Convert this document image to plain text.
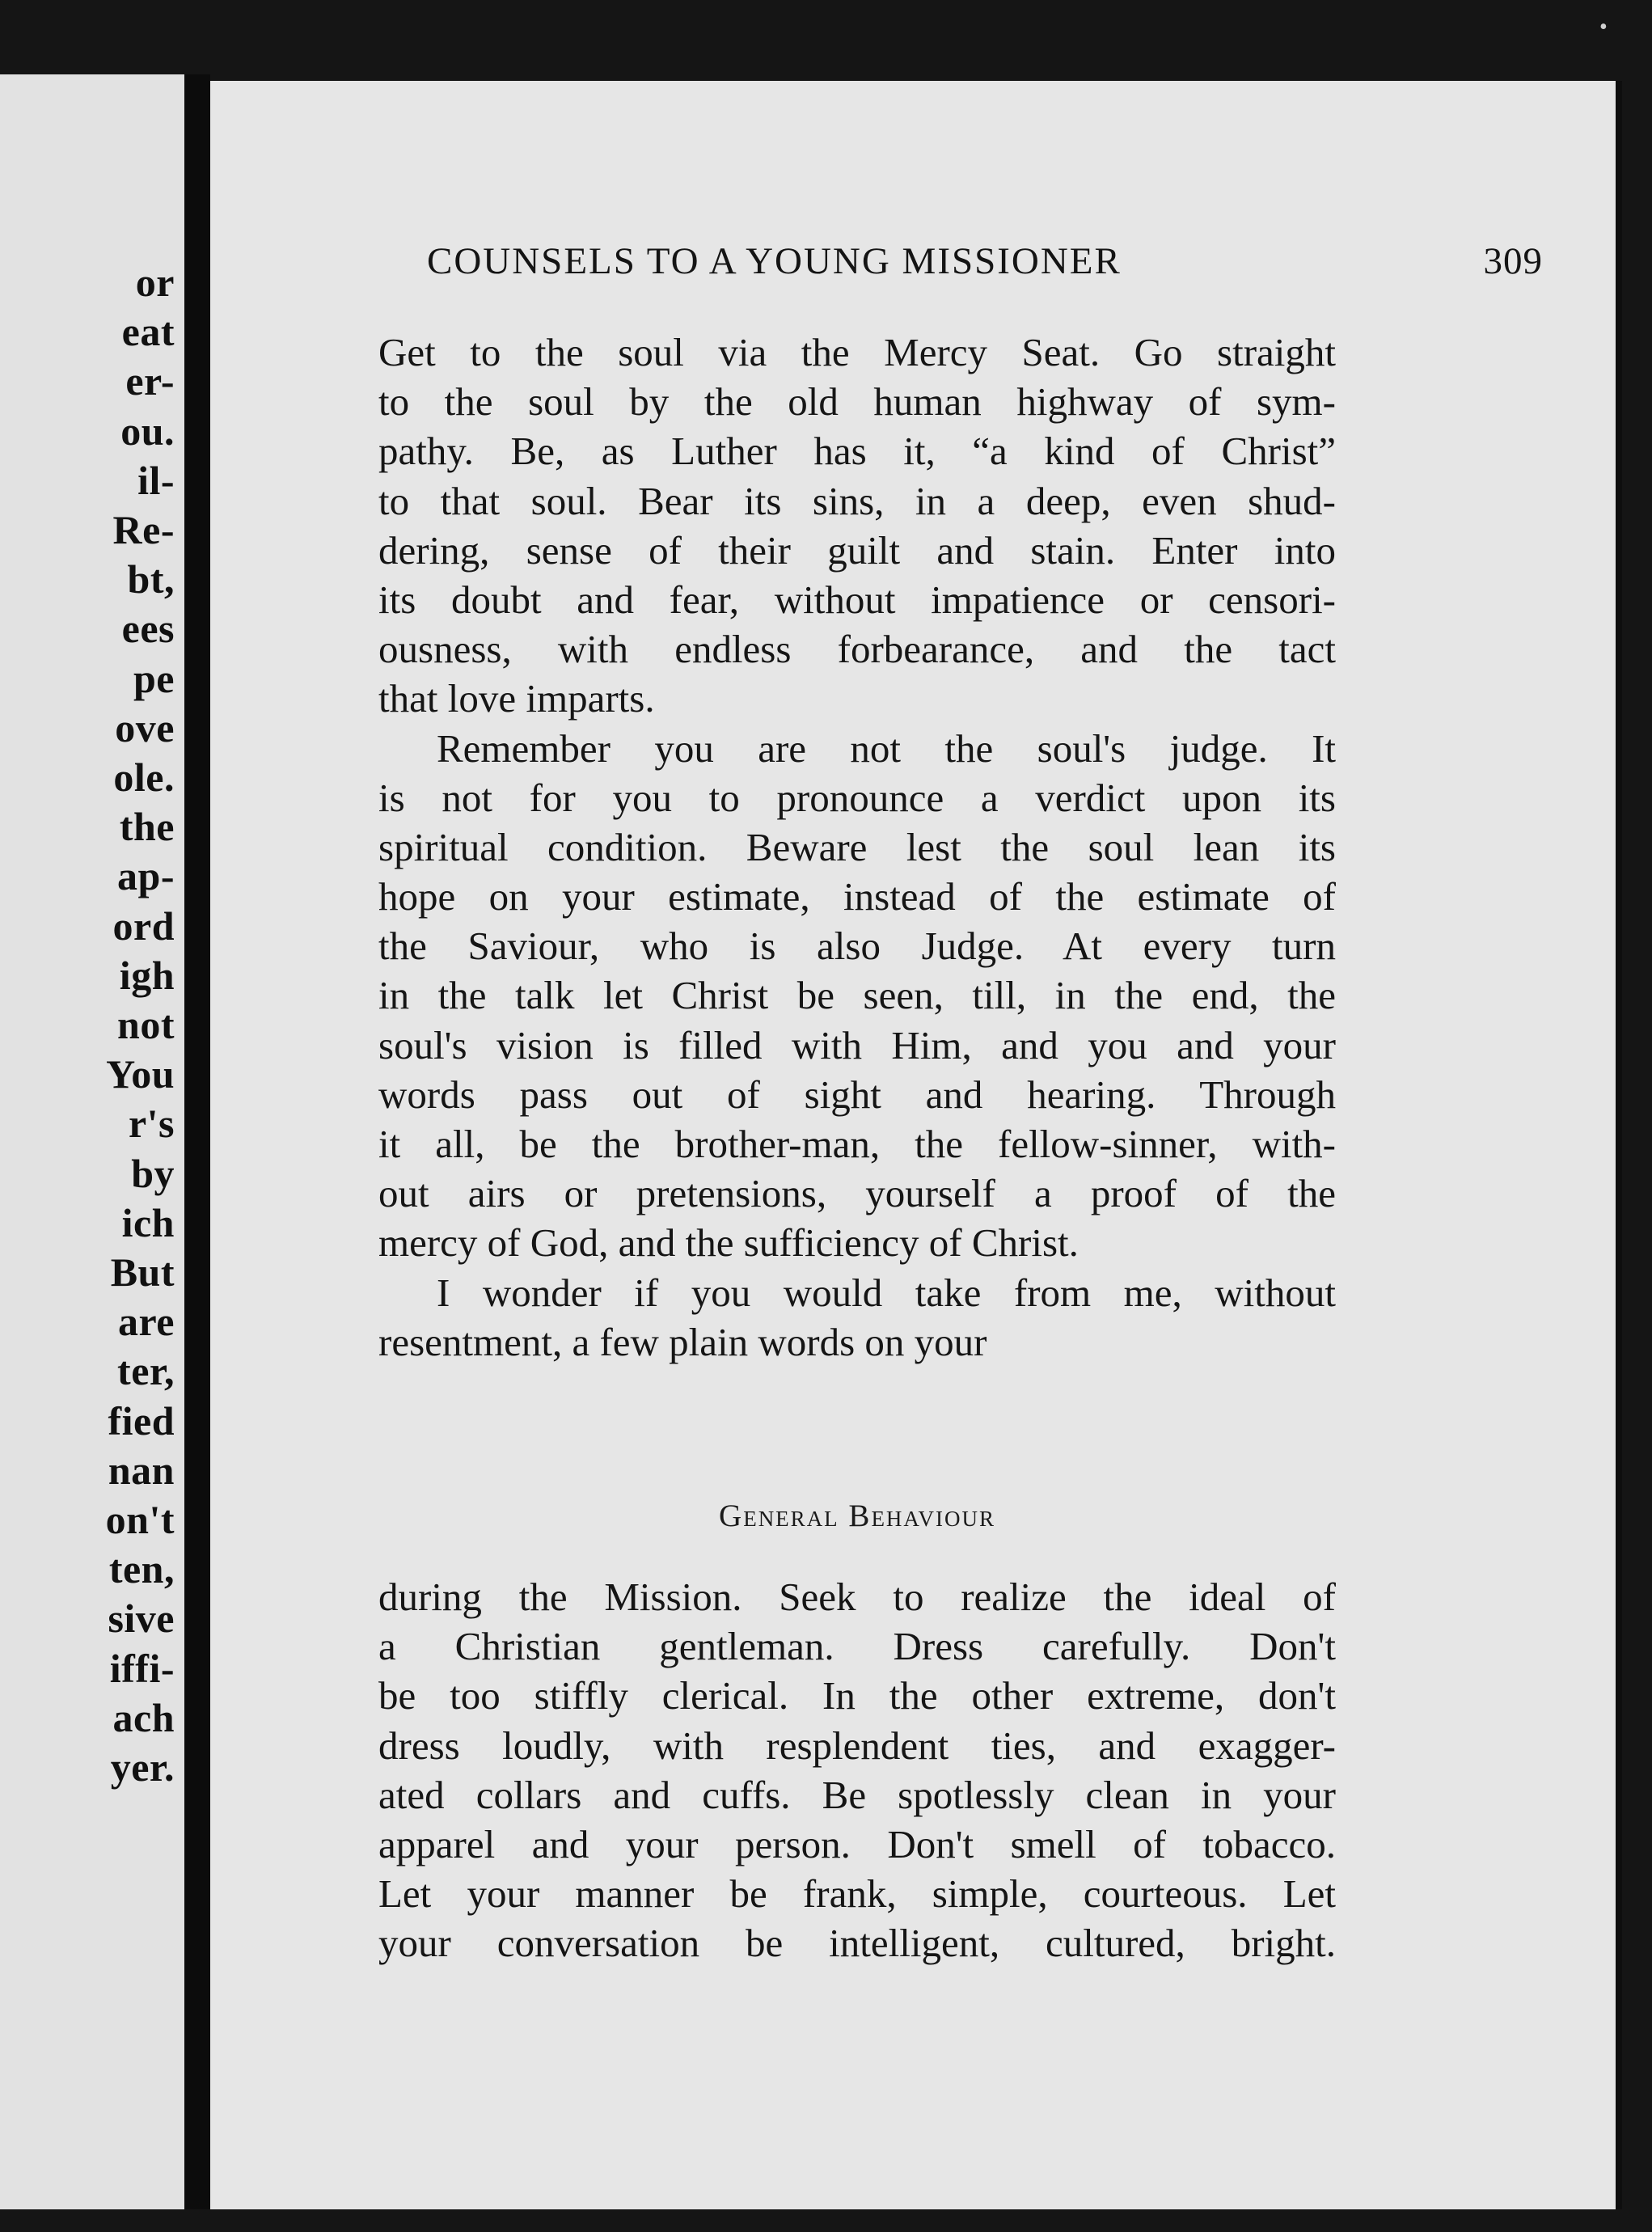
or
eat
er-
ou.
il-
Re-
bt,
ees
pe
ove
ole.
the
ap-
ord
igh
not
You
r's
by
ich
But
are
ter,
fied
nan
on't
ten,
sive
iffi-
ach
yer.
COUNSELS TO A YOUNG MISSIONER	309
Get to the soul via the Mercy Seat. Go straight
to the soul by the old human highway of sym-
pathy. Be, as Luther has it, “a kind of Christ”
to that soul. Bear its sins, in a deep, even shud-
dering, sense of their guilt and stain. Enter into
its doubt and fear, without impatience or censori-
ousness, with endless forbearance, and the tact
that love imparts.
Remember you are not the soul's judge. It
is not for you to pronounce a verdict upon its
spiritual condition. Beware lest the soul lean its
hope on your estimate, instead of the estimate of
the Saviour, who is also Judge. At every turn
in the talk let Christ be seen, till, in the end, the
soul's vision is filled with Him, and you and your
words pass out of sight and hearing. Through
it all, be the brother-man, the fellow-sinner, with-
out airs or pretensions, yourself a proof of the
mercy of God, and the sufficiency of Christ.
I wonder if you would take from me, without
resentment, a few plain words on your
General Behaviour
during the Mission. Seek to realize the ideal of
a Christian gentleman. Dress carefully. Don't
be too stiffly clerical. In the other extreme, don't
dress loudly, with resplendent ties, and exagger-
ated collars and cuffs. Be spotlessly clean in your
apparel and your person. Don't smell of tobacco.
Let your manner be frank, simple, courteous. Let
your conversation be intelligent, cultured, bright.
•
